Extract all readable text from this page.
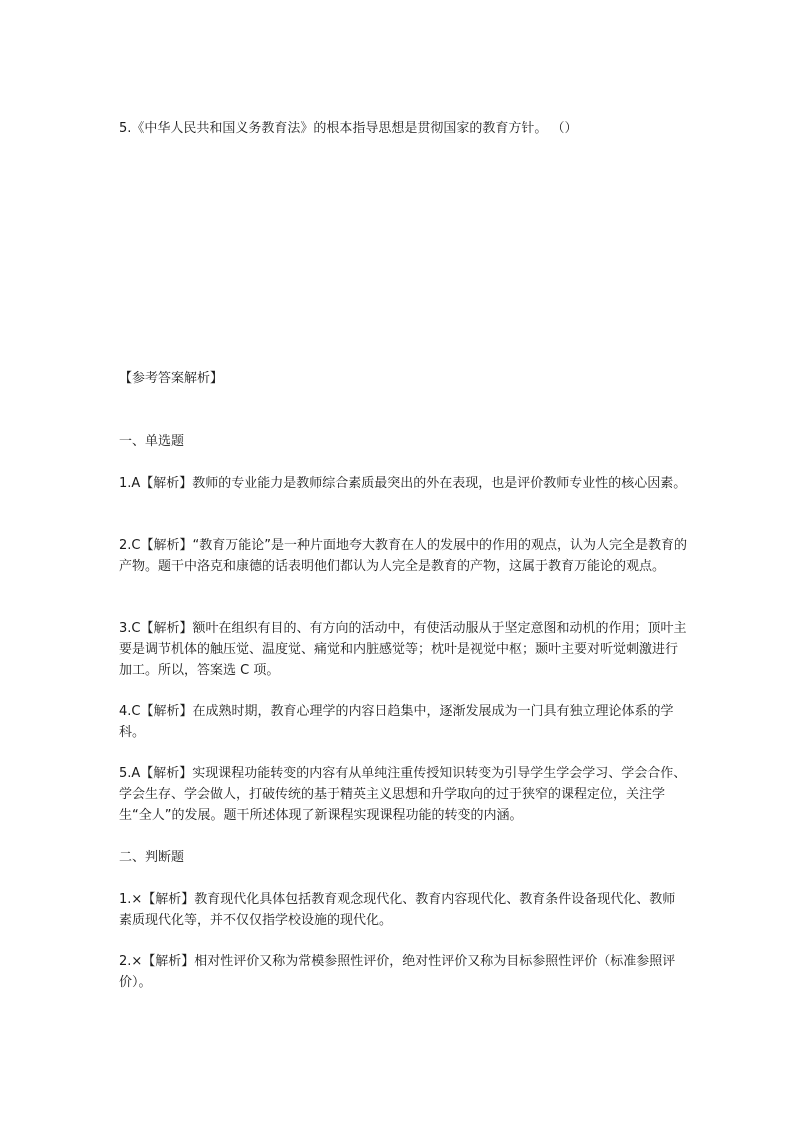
5.《中华人民共和国义务教育法》的根本指导思想是贯彻国家的教育方针。 （）

【参考答案解析】

一、单选题

1.A【解析】教师的专业能力是教师综合素质最突出的外在表现，也是评价教师专业性的核心因素。

2.C【解析】“教育万能论”是一种片面地夸大教育在人的发展中的作用的观点，认为人完全是教育的产物。题干中洛克和康德的话表明他们都认为人完全是教育的产物，这属于教育万能论的观点。

3.C【解析】额叶在组织有目的、有方向的活动中，有使活动服从于坚定意图和动机的作用；顶叶主要是调节机体的触压觉、温度觉、痛觉和内脏感觉等；枕叶是视觉中枢；颞叶主要对听觉刺激进行加工。所以，答案选 C 项。

4.C【解析】在成熟时期，教育心理学的内容日趋集中，逐渐发展成为一门具有独立理论体系的学科。

5.A【解析】实现课程功能转变的内容有从单纯注重传授知识转变为引导学生学会学习、学会合作、学会生存、学会做人，打破传统的基于精英主义思想和升学取向的过于狭窄的课程定位，关注学生“全人”的发展。题干所述体现了新课程实现课程功能的转变的内涵。

二、判断题

1.×【解析】教育现代化具体包括教育观念现代化、教育内容现代化、教育条件设备现代化、教师素质现代化等，并不仅仅指学校设施的现代化。

2.×【解析】相对性评价又称为常模参照性评价，绝对性评价又称为目标参照性评价（标准参照评价）。
